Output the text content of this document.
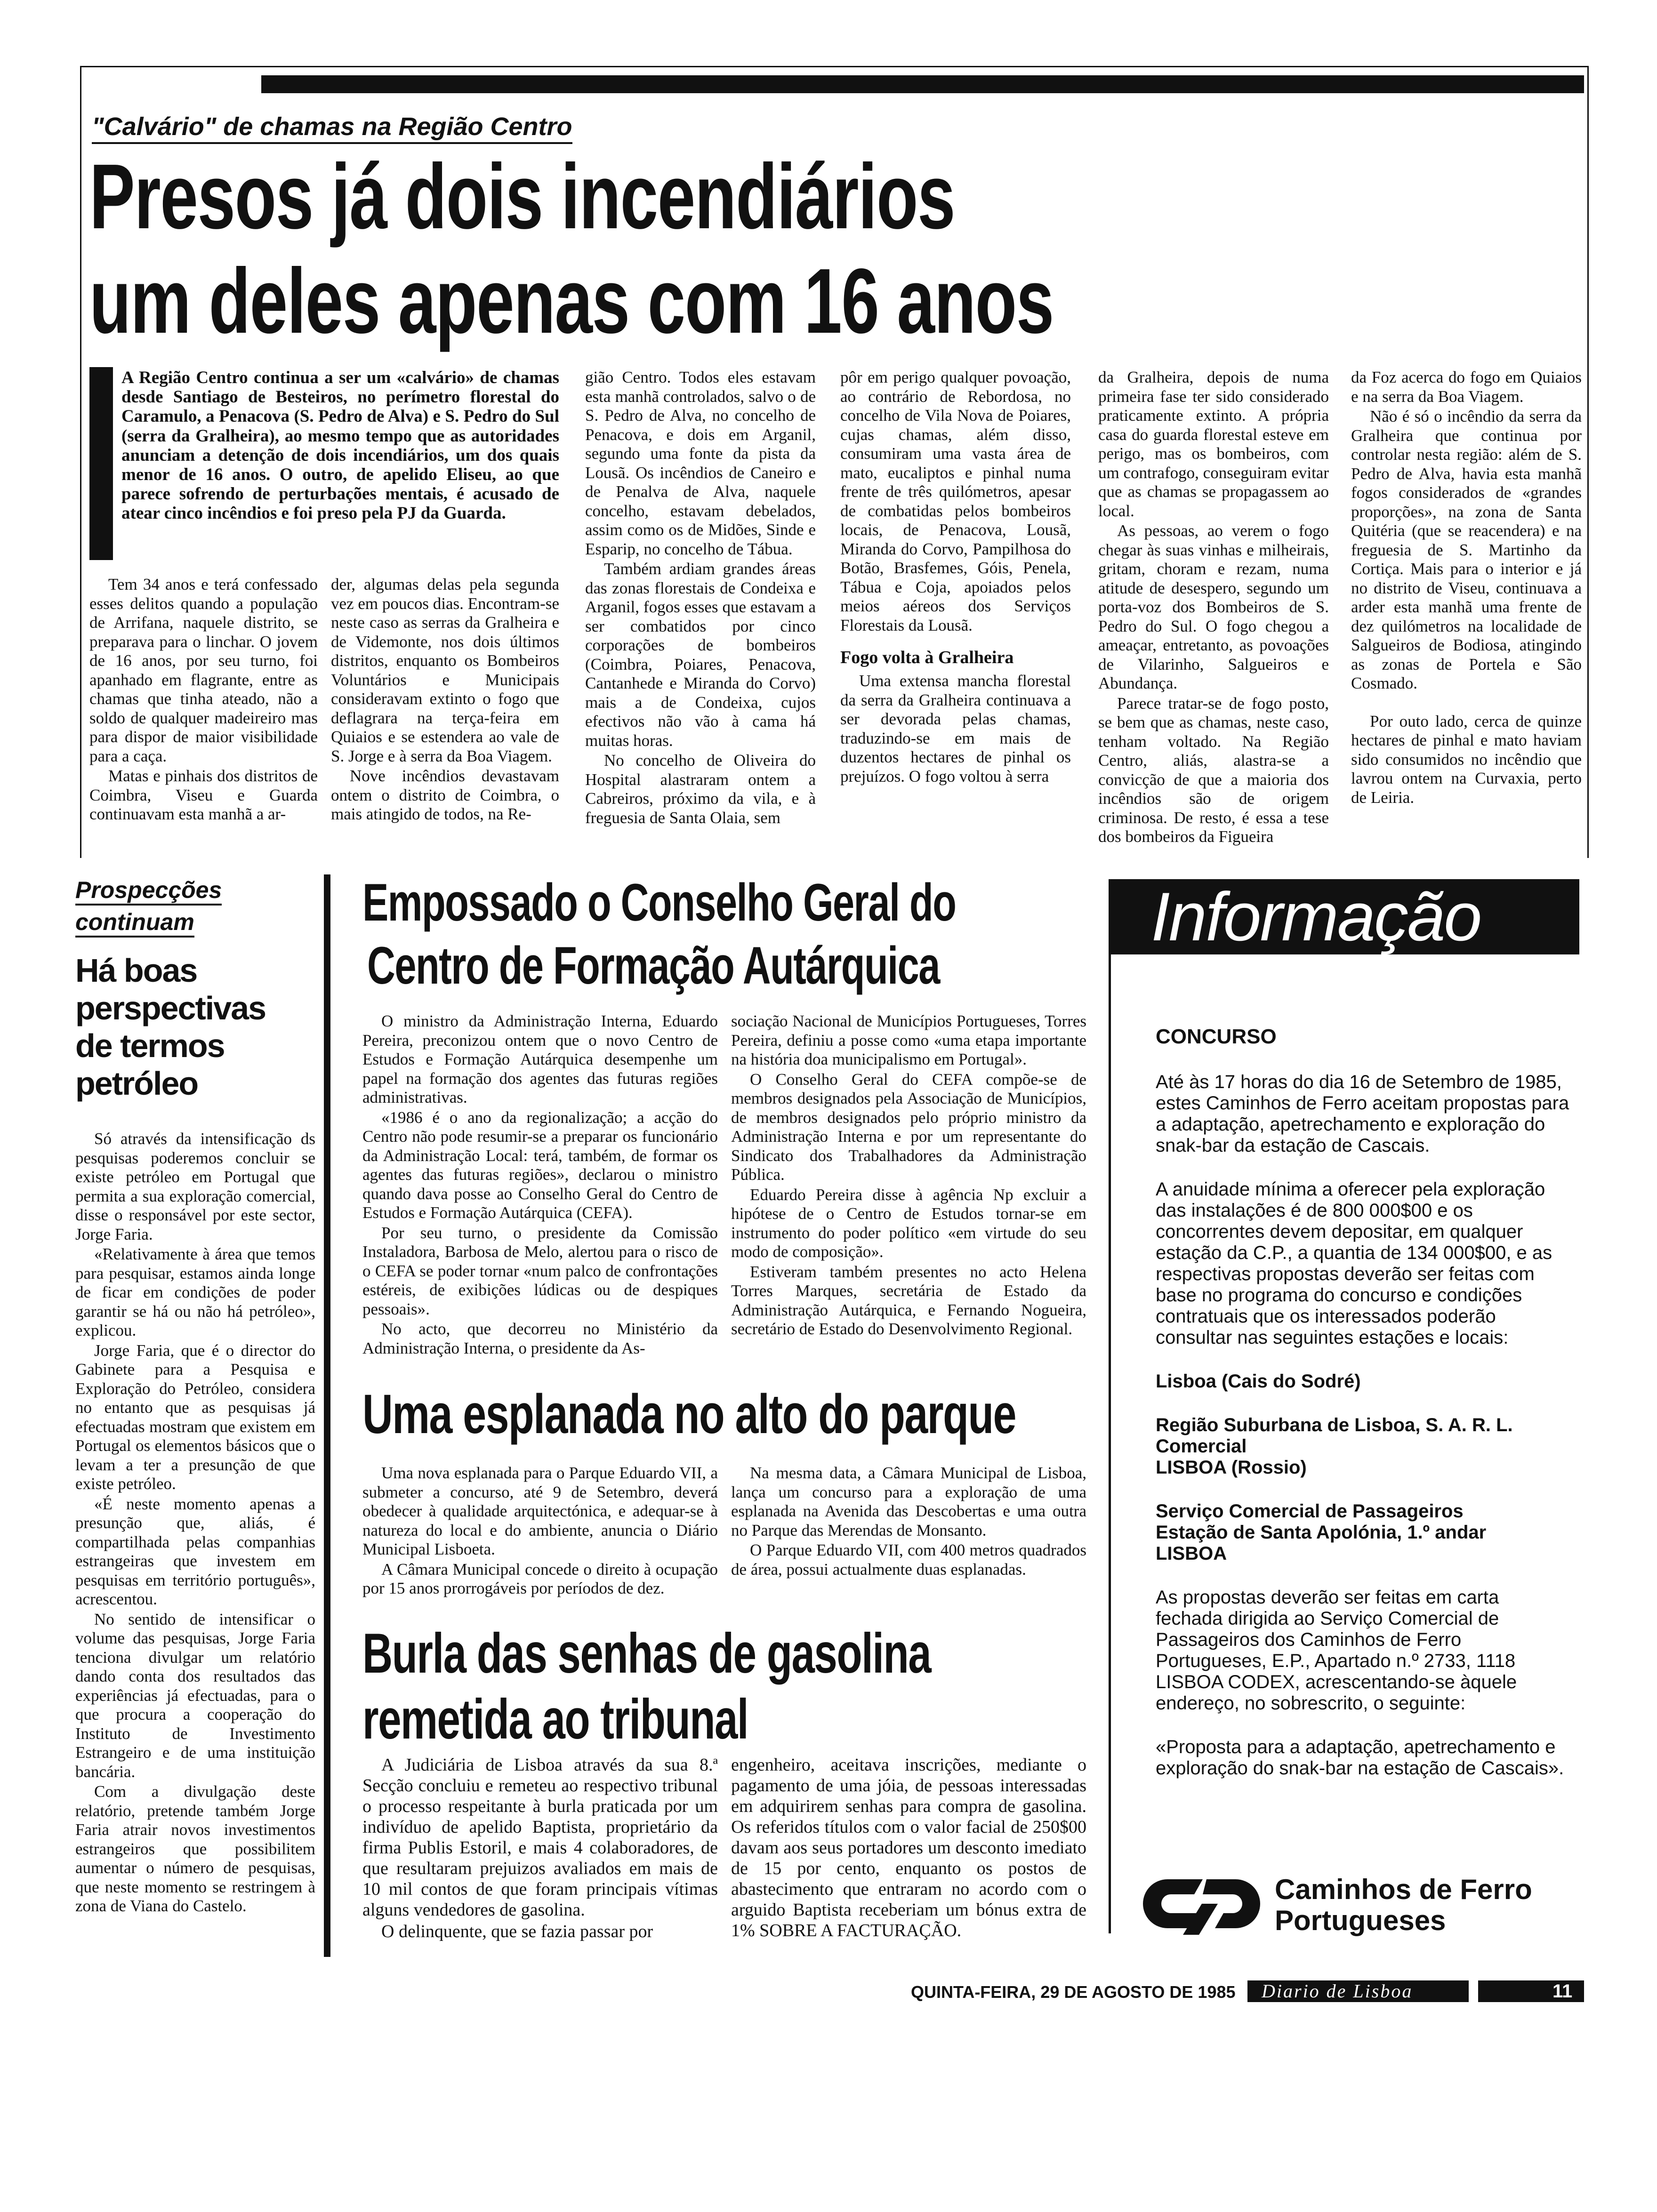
"Calvário" de chamas na Região Centro
Presos já dois incendiários
um deles apenas com 16 anos
A Região Centro continua a ser um «calvário» de chamas desde Santiago de Besteiros, no perímetro florestal do Caramulo, a Penacova (S. Pedro de Alva) e S. Pedro do Sul (serra da Gralheira), ao mesmo tempo que as autoridades anunciam a detenção de dois incendiários, um dos quais menor de 16 anos. O outro, de apelido Eliseu, ao que parece sofrendo de perturbações mentais, é acusado de atear cinco incêndios e foi preso pela PJ da Guarda.

Tem 34 anos e terá confessado esses delitos quando a população de Arrifana, naquele distrito, se preparava para o linchar. O jovem de 16 anos, por seu turno, foi apanhado em flagrante, entre as chamas que tinha ateado, não a soldo de qualquer madeireiro mas para dispor de maior visibilidade para a caça.

Matas e pinhais dos distritos de Coimbra, Viseu e Guarda continuavam esta manhã a ar-

der, algumas delas pela segunda vez em poucos dias. Encontram-se neste caso as serras da Gralheira e de Videmonte, nos dois últimos distritos, enquanto os Bombeiros Voluntários e Municipais consideravam extinto o fogo que deflagrara na terça-feira em Quiaios e se estendera ao vale de S. Jorge e à serra da Boa Viagem.

Nove incêndios devastavam ontem o distrito de Coimbra, o mais atingido de todos, na Re-

gião Centro. Todos eles estavam esta manhã controlados, salvo o de S. Pedro de Alva, no concelho de Penacova, e dois em Arganil, segundo uma fonte da pista da Lousã. Os incêndios de Caneiro e de Penalva de Alva, naquele concelho, estavam debelados, assim como os de Midões, Sinde e Esparip, no concelho de Tábua.

Também ardiam grandes áreas das zonas florestais de Condeixa e Arganil, fogos esses que estavam a ser combatidos por cinco corporações de bombeiros (Coimbra, Poiares, Penacova, Cantanhede e Miranda do Corvo) mais a de Condeixa, cujos efectivos não vão à cama há muitas horas.

No concelho de Oliveira do Hospital alastraram ontem a Cabreiros, próximo da vila, e à freguesia de Santa Olaia, sem

pôr em perigo qualquer povoação, ao contrário de Rebordosa, no concelho de Vila Nova de Poiares, cujas chamas, além disso, consumiram uma vasta área de mato, eucaliptos e pinhal numa frente de três quilómetros, apesar de combatidas pelos bombeiros locais, de Penacova, Lousã, Miranda do Corvo, Pampilhosa do Botão, Brasfemes, Góis, Penela, Tábua e Coja, apoiados pelos meios aéreos dos Serviços Florestais da Lousã.

Fogo volta à Gralheira

Uma extensa mancha florestal da serra da Gralheira continuava a ser devorada pelas chamas, traduzindo-se em mais de duzentos hectares de pinhal os prejuízos. O fogo voltou à serra

da Gralheira, depois de numa primeira fase ter sido considerado praticamente extinto. A própria casa do guarda florestal esteve em perigo, mas os bombeiros, com um contrafogo, conseguiram evitar que as chamas se propagassem ao local.

As pessoas, ao verem o fogo chegar às suas vinhas e milheirais, gritam, choram e rezam, numa atitude de desespero, segundo um porta-voz dos Bombeiros de S. Pedro do Sul. O fogo chegou a ameaçar, entretanto, as povoações de Vilarinho, Salgueiros e Abundança.

Parece tratar-se de fogo posto, se bem que as chamas, neste caso, tenham voltado. Na Região Centro, aliás, alastra-se a convicção de que a maioria dos incêndios são de origem criminosa. De resto, é essa a tese dos bombeiros da Figueira

da Foz acerca do fogo em Quiaios e na serra da Boa Viagem.

Não é só o incêndio da serra da Gralheira que continua por controlar nesta região: além de S. Pedro de Alva, havia esta manhã fogos considerados de «grandes proporções», na zona de Santa Quitéria (que se reacendera) e na freguesia de S. Martinho da Cortiça. Mais para o interior e já no distrito de Viseu, continuava a arder esta manhã uma frente de dez quilómetros na localidade de Salgueiros de Bodiosa, atingindo as zonas de Portela e São Cosmado.

Por outo lado, cerca de quinze hectares de pinhal e mato haviam sido consumidos no incêndio que lavrou ontem na Curvaxia, perto de Leiria.

Prospecções
continuam
Há boas
perspectivas
de termos
petróleo

Só através da intensificação ds pesquisas poderemos concluir se existe petróleo em Portugal que permita a sua exploração comercial, disse o responsável por este sector, Jorge Faria.

«Relativamente à área que temos para pesquisar, estamos ainda longe de ficar em condições de poder garantir se há ou não há petróleo», explicou.

Jorge Faria, que é o director do Gabinete para a Pesquisa e Exploração do Petróleo, considera no entanto que as pesquisas já efectuadas mostram que existem em Portugal os elementos básicos que o levam a ter a presunção de que existe petróleo.

«É neste momento apenas a presunção que, aliás, é compartilhada pelas companhias estrangeiras que investem em pesquisas em território português», acrescentou.

No sentido de intensificar o volume das pesquisas, Jorge Faria tenciona divulgar um relatório dando conta dos resultados das experiências já efectuadas, para o que procura a cooperação do Instituto de Investimento Estrangeiro e de uma instituição bancária.

Com a divulgação deste relatório, pretende também Jorge Faria atrair novos investimentos estrangeiros que possibilitem aumentar o número de pesquisas, que neste momento se restringem à zona de Viana do Castelo.

Empossado o Conselho Geral do
Centro de Formação Autárquica

O ministro da Administração Interna, Eduardo Pereira, preconizou ontem que o novo Centro de Estudos e Formação Autárquica desempenhe um papel na formação dos agentes das futuras regiões administrativas.

«1986 é o ano da regionalização; a acção do Centro não pode resumir-se a preparar os funcionário da Administração Local: terá, também, de formar os agentes das futuras regiões», declarou o ministro quando dava posse ao Conselho Geral do Centro de Estudos e Formação Autárquica (CEFA).

Por seu turno, o presidente da Comissão Instaladora, Barbosa de Melo, alertou para o risco de o CEFA se poder tornar «num palco de confrontações estéreis, de exibições lúdicas ou de despiques pessoais».

No acto, que decorreu no Ministério da Administração Interna, o presidente da As-

sociação Nacional de Municípios Portugueses, Torres Pereira, definiu a posse como «uma etapa importante na história doa municipalismo em Portugal».

O Conselho Geral do CEFA compõe-se de membros designados pela Associação de Municípios, de membros designados pelo próprio ministro da Administração Interna e por um representante do Sindicato dos Trabalhadores da Administração Pública.

Eduardo Pereira disse à agência Np excluir a hipótese de o Centro de Estudos tornar-se em instrumento do poder político «em virtude do seu modo de composição».

Estiveram também presentes no acto Helena Torres Marques, secretária de Estado da Administração Autárquica, e Fernando Nogueira, secretário de Estado do Desenvolvimento Regional.

Uma esplanada no alto do parque

Uma nova esplanada para o Parque Eduardo VII, a submeter a concurso, até 9 de Setembro, deverá obedecer à qualidade arquitectónica, e adequar-se à natureza do local e do ambiente, anuncia o Diário Municipal Lisboeta.

A Câmara Municipal concede o direito à ocupação por 15 anos prorrogáveis por períodos de dez.

Na mesma data, a Câmara Municipal de Lisboa, lança um concurso para a exploração de uma esplanada na Avenida das Descobertas e uma outra no Parque das Merendas de Monsanto.

O Parque Eduardo VII, com 400 metros quadrados de área, possui actualmente duas esplanadas.

Burla das senhas de gasolina
remetida ao tribunal

A Judiciária de Lisboa através da sua 8.ª Secção concluiu e remeteu ao respectivo tribunal o processo respeitante à burla praticada por um indivíduo de apelido Baptista, proprietário da firma Publis Estoril, e mais 4 colaboradores, de que resultaram prejuizos avaliados em mais de 10 mil contos de que foram principais vítimas alguns vendedores de gasolina.

O delinquente, que se fazia passar por

engenheiro, aceitava inscrições, mediante o pagamento de uma jóia, de pessoas interessadas em adquirirem senhas para compra de gasolina. Os referidos títulos com o valor facial de 250$00 davam aos seus portadores um desconto imediato de 15 por cento, enquanto os postos de abastecimento que entraram no acordo com o arguido Baptista receberiam um bónus extra de 1% SOBRE A FACTURAÇÃO.

Informação
CONCURSO
Até às 17 horas do dia 16 de Setembro de 1985, estes Caminhos de Ferro aceitam propostas para a adaptação, apetrechamento e exploração do snak-bar da estação de Cascais.
A anuidade mínima a oferecer pela exploração das instalações é de 800 000$00 e os concorrentes devem depositar, em qualquer estação da C.P., a quantia de 134 000$00, e as respectivas propostas deverão ser feitas com base no programa do concurso e condições contratuais que os interessados poderão consultar nas seguintes estações e locais:
Lisboa (Cais do Sodré)
Região Suburbana de Lisboa, S. A. R. L. Comercial
LISBOA (Rossio)
Serviço Comercial de Passageiros
Estação de Santa Apolónia, 1.º andar
LISBOA
As propostas deverão ser feitas em carta fechada dirigida ao Serviço Comercial de Passageiros dos Caminhos de Ferro Portugueses, E.P., Apartado n.º 2733, 1118 LISBOA CODEX, acrescentando-se àquele endereço, no sobrescrito, o seguinte:
«Proposta para a adaptação, apetrechamento e exploração do snak-bar na estação de Cascais».
Caminhos de Ferro
Portugueses
QUINTA-FEIRA, 29 DE AGOSTO DE 1985 Diario de Lisboa	11
